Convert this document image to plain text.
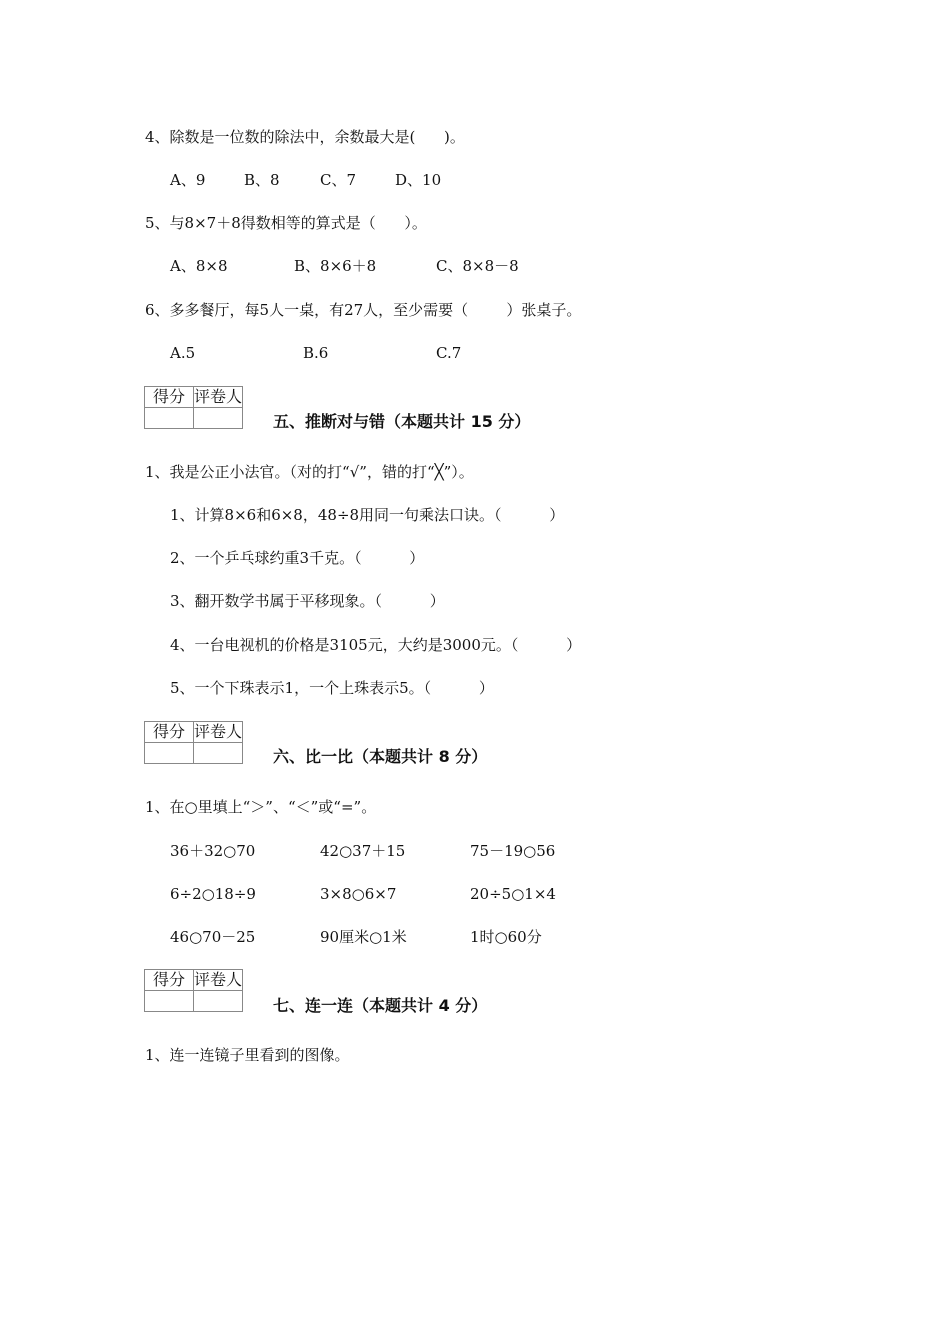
4、除数是一位数的除法中，余数最大是(      )。
A、9	B、8	C、7	D、10
5、与8×7＋8得数相等的算式是（      ）。
A、8×8	B、8×6＋8	C、8×8－8
6、多多餐厅，每5人一桌，有27人，至少需要（        ）张桌子。
A.5	B.6	C.7
得分	评卷人

五、推断对与错（本题共计 15 分）
1、我是公正小法官。（对的打“√”，错的打“╳”）。
1、计算8×6和6×8，48÷8用同一句乘法口诀。（          ）
2、一个乒乓球约重3千克。（          ）
3、翻开数学书属于平移现象。（          ）
4、一台电视机的价格是3105元，大约是3000元。（          ）
5、一个下珠表示1，一个上珠表示5。（          ）
得分	评卷人

六、比一比（本题共计 8 分）
1、在○里填上“＞”、“＜”或“=”。
36＋32○70	42○37＋15	75－19○56
6÷2○18÷9	3×8○6×7	20÷5○1×4
46○70－25	90厘米○1米	1时○60分
得分	评卷人

七、连一连（本题共计 4 分）
1、连一连镜子里看到的图像。
